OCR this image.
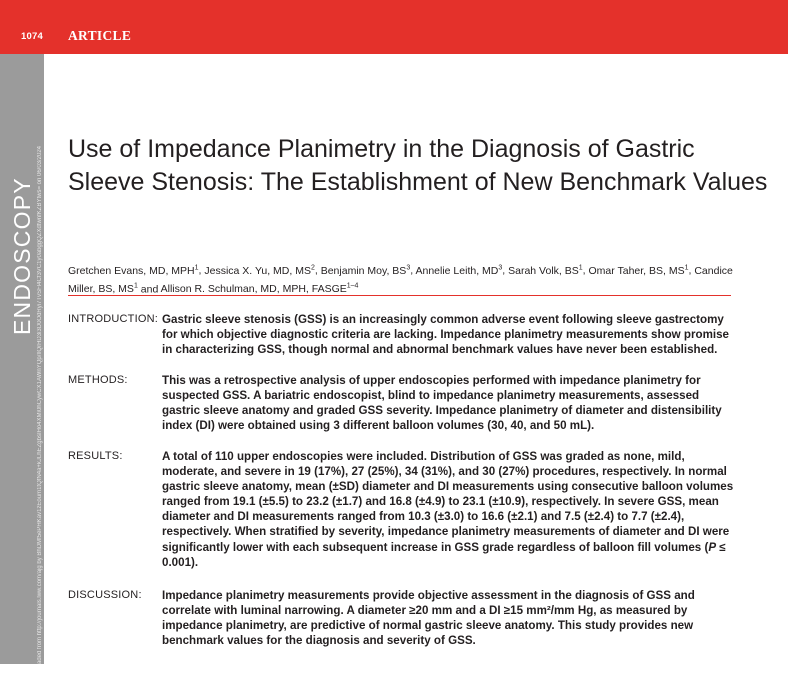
1074 ARTICLE
ENDOSCOPY Downloaded from http://journals.lww.com/ajg by BhDMf5ePHKav1zEoum1tQfN4a+kJLhEZgbsIHo4XMi0hCywCX1AWnYQp/IlQrHD3i3D0OdRyi7TvSFl4Cf3VC1y0abggQZXdtwnfKZBYtws= on 06/03/2024 Use of Impedance Planimetry in the Diagnosis of Gastric Sleeve Stenosis: The Establishment of New Benchmark Values

Gretchen Evans, MD, MPH$^1$, Jessica X. Yu, MD, $MS^2$, Benjamin Moy, $BS^3$, Annelie Leith, $MD^3$, Sarah Volk, $BS^1$, Omar Taher, BS, $MS^1$, Candice Miller, BS, $MS^1$ and Allison R. Schulman, MD, MPH, FASGE$^{1-4}$

INTRODUCTION: Gastric sleeve stenosis (GSS) is an increasingly common adverse event following sleeve gastrectomy for which objective diagnostic criteria are lacking. Impedance planimetry measurements show promise in characterizing GSS, though normal and abnormal benchmark values have never been established.

METHODS:	This was a retrospective analysis of upper endoscopies performed with impedance planimetry for suspected GSS. A bariatric endoscopist, blind to impedance planimetry measurements, assessed gastric sleeve anatomy and graded GSS severity. Impedance planimetry of diameter and distensibility index (DI) were obtained using 3 different balloon volumes (30, 40, and 50 mL).

RESULTS:	A total of 110 upper endoscopies were included. Distribution of GSS was graded as none, mild, moderate, and severe in 19 (17%), 27 (25%), 34 (31%), and 30 (27%) procedures, respectively. In normal gastric sleeve anatomy, mean (±SD) diameter and DI measurements using consecutive balloon volumes ranged from 19.1 (±5.5) to 23.2 (±1.7) and 16.8 (±4.9) to 23.1 (±10.9), respectively. In severe GSS, mean diameter and DI measurements ranged from 10.3 (±3.0) to 16.6 (±2.1) and 7.5 (±2.4) to 7.7 (±2.4), respectively. When stratified by severity, impedance planimetry measurements of diameter and DI were significantly lower with each subsequent increase in GSS grade regardless of balloon fill volumes (P ≤ 0.001).

DISCUSSION: Impedance planimetry measurements provide objective assessment in the diagnosis of GSS and correlate with luminal narrowing. A diameter ≥20 mm and a DI ≥15 mm²/mm Hg, as measured by impedance planimetry, are predictive of normal gastric sleeve anatomy. This study provides new benchmark values for the diagnosis and severity of GSS.
